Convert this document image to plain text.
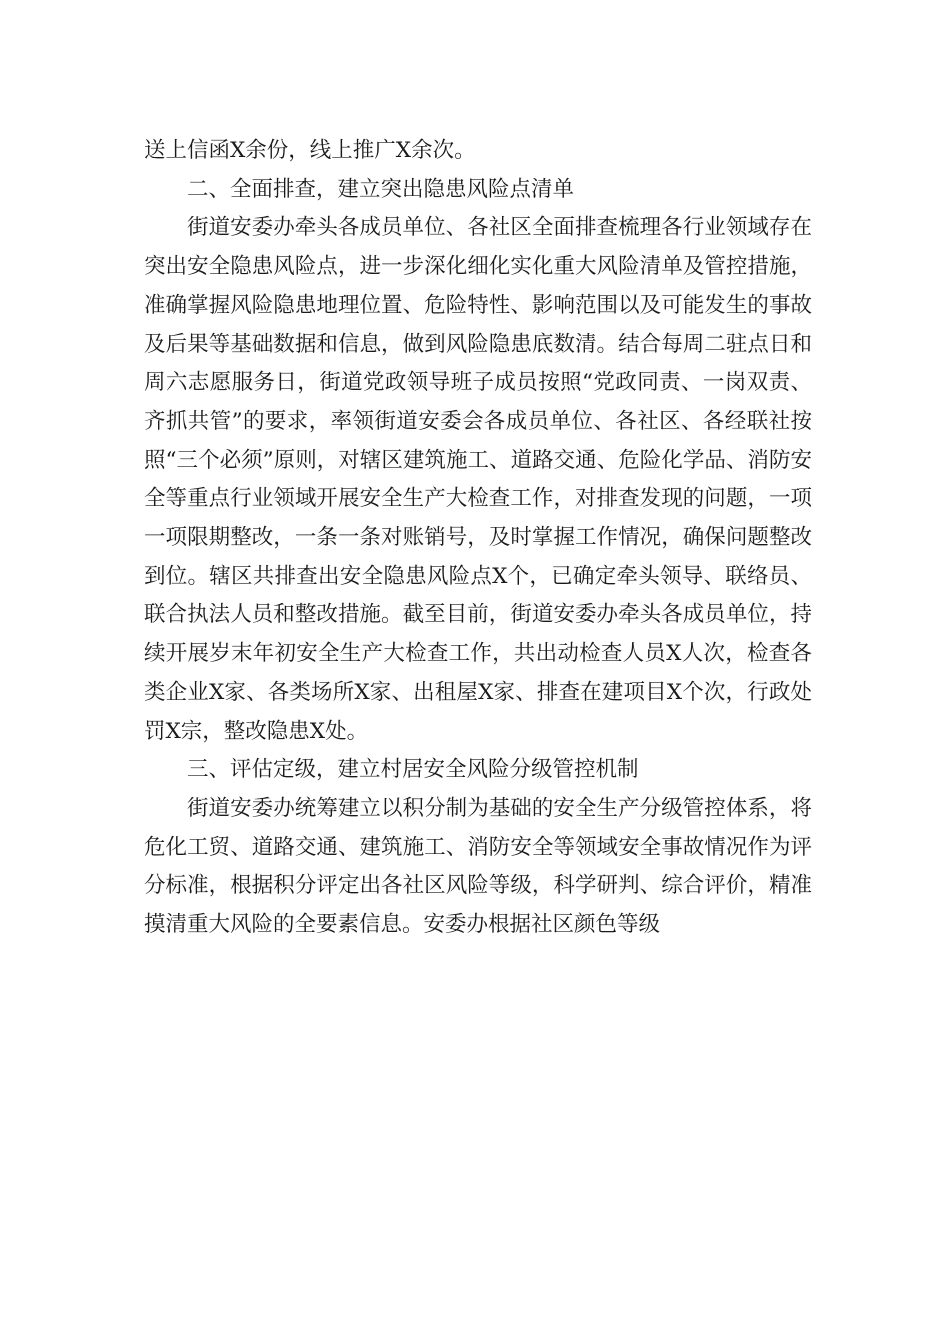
送上信函X余份，线上推广X余次。

二、全面排查，建立突出隐患风险点清单

街道安委办牵头各成员单位、各社区全面排查梳理各行业领域存在突出安全隐患风险点，进一步深化细化实化重大风险清单及管控措施，准确掌握风险隐患地理位置、危险特性、影响范围以及可能发生的事故及后果等基础数据和信息，做到风险隐患底数清。结合每周二驻点日和周六志愿服务日，街道党政领导班子成员按照“党政同责、一岗双责、齐抓共管”的要求，率领街道安委会各成员单位、各社区、各经联社按照“三个必须”原则，对辖区建筑施工、道路交通、危险化学品、消防安全等重点行业领域开展安全生产大检查工作，对排查发现的问题，一项一项限期整改，一条一条对账销号，及时掌握工作情况，确保问题整改到位。辖区共排查出安全隐患风险点X个，已确定牵头领导、联络员、联合执法人员和整改措施。截至目前，街道安委办牵头各成员单位，持续开展岁末年初安全生产大检查工作，共出动检查人员X人次，检查各类企业X家、各类场所X家、出租屋X家、排查在建项目X个次，行政处罚X宗，整改隐患X处。

三、评估定级，建立村居安全风险分级管控机制

街道安委办统筹建立以积分制为基础的安全生产分级管控体系，将危化工贸、道路交通、建筑施工、消防安全等领域安全事故情况作为评分标准，根据积分评定出各社区风险等级，科学研判、综合评价，精准摸清重大风险的全要素信息。安委办根据社区颜色等级
